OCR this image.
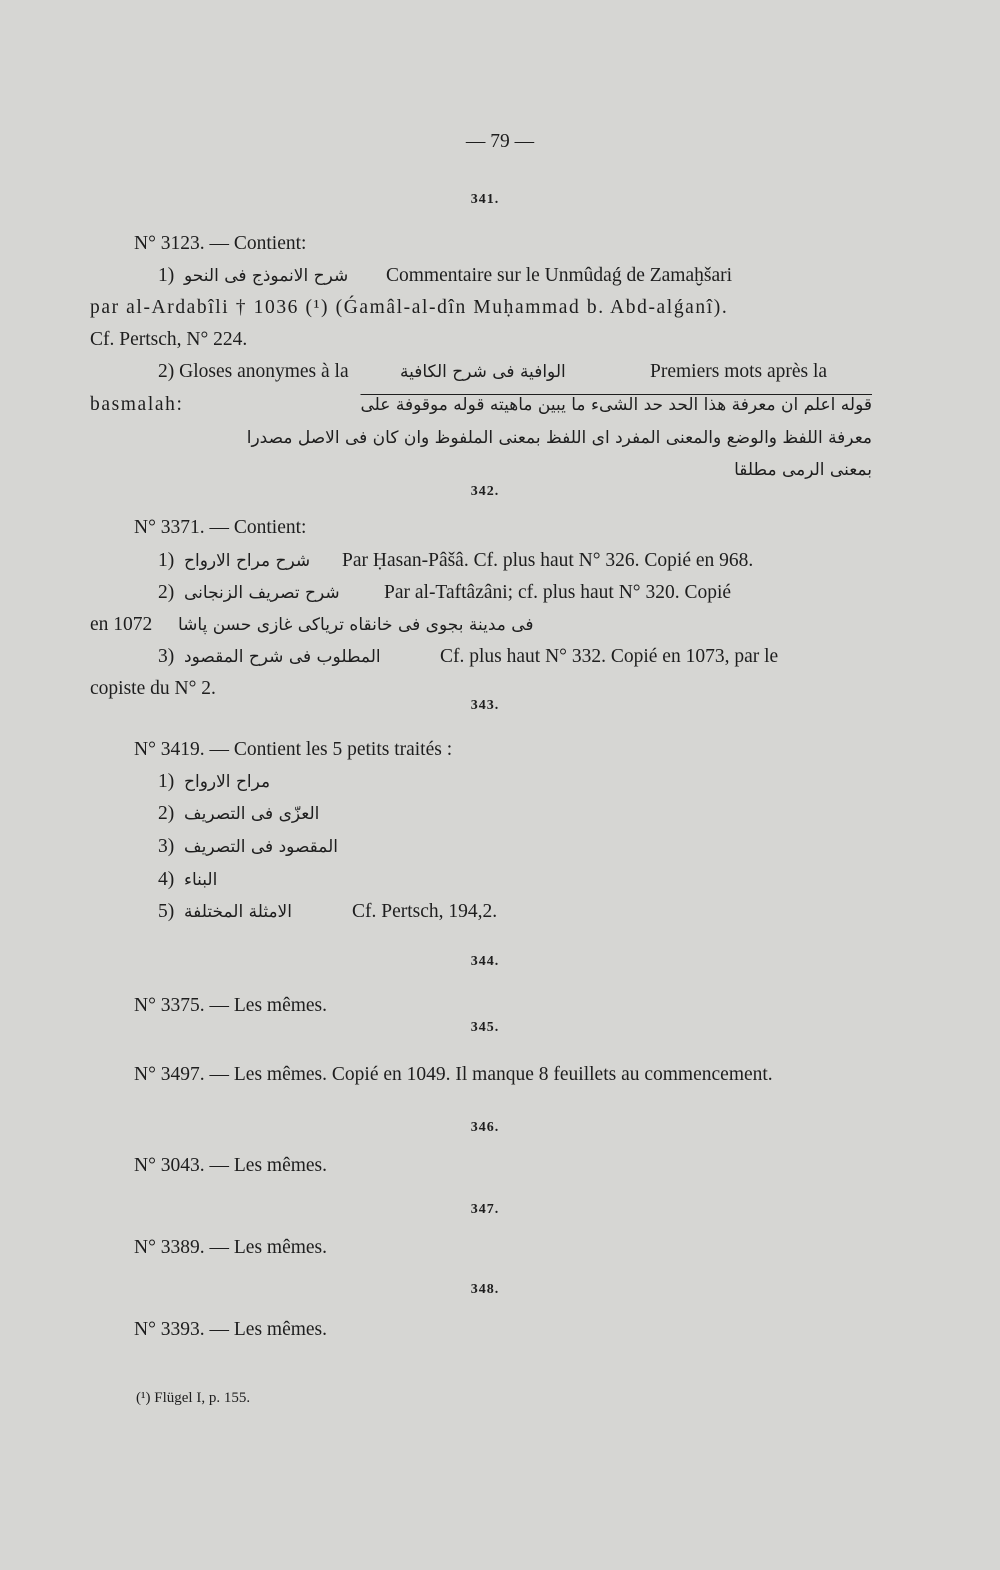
— 79 —
341.
N° 3123. — Contient:
1) شرح الانموذج فى النحو Commentaire sur le Unmûdaǵ de Zamaḫšari
par al-Ardabîli † 1036 (¹) (Ǵamâl-al-dîn Muḥammad b. Abd-alǵanî).
Cf. Pertsch, N° 224.
2) Gloses anonymes à la	الوافية فى شرح الكافية	Premiers mots après la
basmalah:	قوله اعلم ان معرفة هذا الحد حد الشىء ما يبين ماهيته قوله موقوفة على
معرفة اللفظ والوضع والمعنى المفرد اى اللفظ بمعنى الملفوظ وان كان فى الاصل مصدرا
بمعنى الرمى مطلقا
342.
N° 3371. — Contient:
1) شرح مراح الارواح Par Ḥasan-Pâšâ. Cf. plus haut N° 326. Copié en 968.
2) شرح تصريف الزنجانى Par al-Taftâzâni; cf. plus haut N° 320. Copié
en 1072 فى مدينة بجوى فى خانقاه ترياكى غازى حسن پاشا
3) المطلوب فى شرح المقصود	Cf. plus haut N° 332. Copié en 1073, par le
copiste du N° 2.
343.
N° 3419. — Contient les 5 petits traités :
1) مراح الارواح
2) العزّى فى التصريف
3) المقصود فى التصريف
4) البناء
5) الامثلة المختلفة	Cf. Pertsch, 194,2.
344.
N° 3375. — Les mêmes.
345.
N° 3497. — Les mêmes. Copié en 1049. Il manque 8 feuillets au commencement.
346.
N° 3043. — Les mêmes.
347.
N° 3389. — Les mêmes.
348.
N° 3393. — Les mêmes.
(¹) Flügel I, p. 155.
